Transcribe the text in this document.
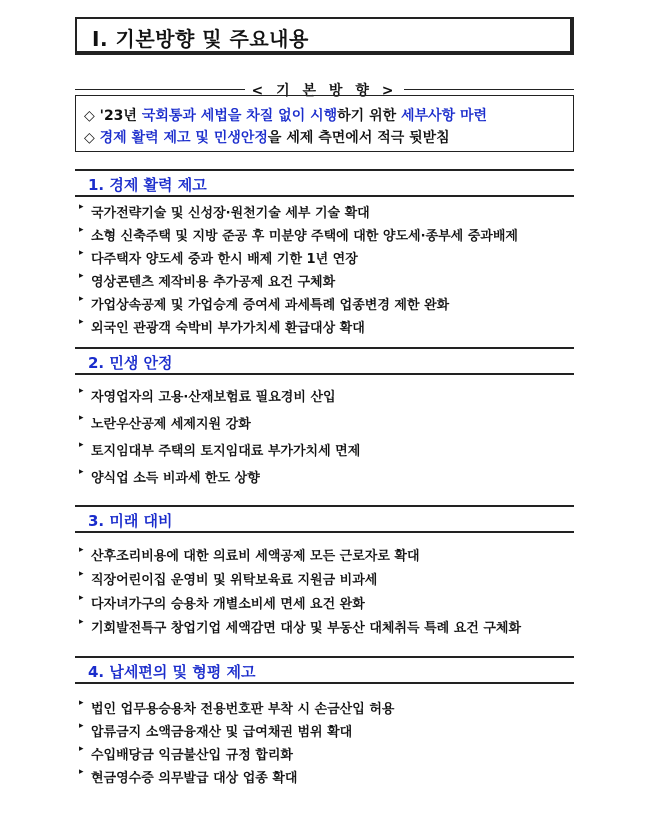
Ⅰ. 기본방향 및 주요내용
< 기 본 방 향 >
◇ '23년 국회통과 세법을 차질 없이 시행하기 위한 세부사항 마련
◇ 경제 활력 제고 및 민생안정을 세제 측면에서 적극 뒷받침
1. 경제 활력 제고
▸ 국가전략기술 및 신성장·원천기술 세부 기술 확대
▸ 소형 신축주택 및 지방 준공 후 미분양 주택에 대한 양도세·종부세 중과배제
▸ 다주택자 양도세 중과 한시 배제 기한 1년 연장
▸ 영상콘텐츠 제작비용 추가공제 요건 구체화
▸ 가업상속공제 및 가업승계 증여세 과세특례 업종변경 제한 완화
▸ 외국인 관광객 숙박비 부가가치세 환급대상 확대
2. 민생 안정
▸ 자영업자의 고용·산재보험료 필요경비 산입
▸ 노란우산공제 세제지원 강화
▸ 토지임대부 주택의 토지임대료 부가가치세 면제
▸ 양식업 소득 비과세 한도 상향
3. 미래 대비
▸ 산후조리비용에 대한 의료비 세액공제 모든 근로자로 확대
▸ 직장어린이집 운영비 및 위탁보육료 지원금 비과세
▸ 다자녀가구의 승용차 개별소비세 면세 요건 완화
▸ 기회발전특구 창업기업 세액감면 대상 및 부동산 대체취득 특례 요건 구체화
4. 납세편의 및 형평 제고
▸ 법인 업무용승용차 전용번호판 부착 시 손금산입 허용
▸ 압류금지 소액금융재산 및 급여채권 범위 확대
▸ 수입배당금 익금불산입 규정 합리화
▸ 현금영수증 의무발급 대상 업종 확대
